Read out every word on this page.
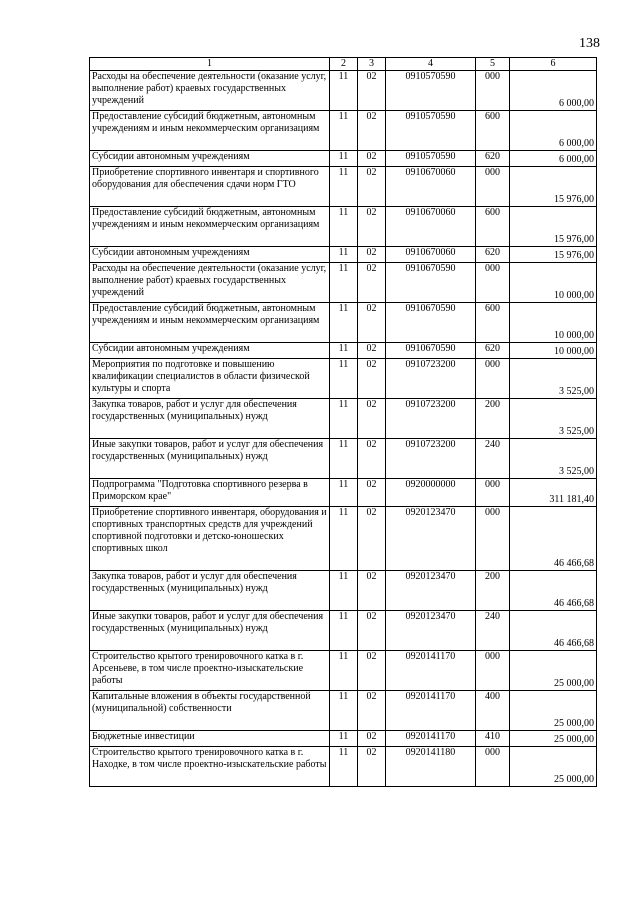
138
1	2	3	4	5	6
Расходы на обеспечение деятельности (оказание услуг, выполнение работ) краевых государственных учреждений	11	02	0910570590	000	6 000,00
Предоставление субсидий бюджетным, автономным учреждениям и иным некоммерческим организациям	11	02	0910570590	600	6 000,00
Субсидии автономным учреждениям	11	02	0910570590	620	6 000,00
Приобретение спортивного инвентаря и спортивного оборудования для обеспечения сдачи норм ГТО	11	02	0910670060	000	15 976,00
Предоставление субсидий бюджетным, автономным учреждениям и иным некоммерческим организациям	11	02	0910670060	600	15 976,00
Субсидии автономным учреждениям	11	02	0910670060	620	15 976,00
Расходы на обеспечение деятельности (оказание услуг, выполнение работ) краевых государственных учреждений	11	02	0910670590	000	10 000,00
Предоставление субсидий бюджетным, автономным учреждениям и иным некоммерческим организациям	11	02	0910670590	600	10 000,00
Субсидии автономным учреждениям	11	02	0910670590	620	10 000,00
Мероприятия по подготовке и повышению квалификации специалистов в области физической культуры и спорта	11	02	0910723200	000	3 525,00
Закупка товаров, работ и услуг для обеспечения государственных (муниципальных) нужд	11	02	0910723200	200	3 525,00
Иные закупки товаров, работ и услуг для обеспечения государственных (муниципальных) нужд	11	02	0910723200	240	3 525,00
Подпрограмма "Подготовка спортивного резерва в Приморском крае"	11	02	0920000000	000	311 181,40
Приобретение спортивного инвентаря, оборудования и спортивных транспортных средств для учреждений спортивной подготовки и детско-юношеских спортивных школ	11	02	0920123470	000	46 466,68
Закупка товаров, работ и услуг для обеспечения государственных (муниципальных) нужд	11	02	0920123470	200	46 466,68
Иные закупки товаров, работ и услуг для обеспечения государственных (муниципальных) нужд	11	02	0920123470	240	46 466,68
Строительство крытого тренировочного катка в г. Арсеньеве, в том числе проектно-изыскательские работы	11	02	0920141170	000	25 000,00
Капитальные вложения в объекты государственной (муниципальной) собственности	11	02	0920141170	400	25 000,00
Бюджетные инвестиции	11	02	0920141170	410	25 000,00
Строительство крытого тренировочного катка в г. Находке, в том числе проектно-изыскательские работы	11	02	0920141180	000	25 000,00
